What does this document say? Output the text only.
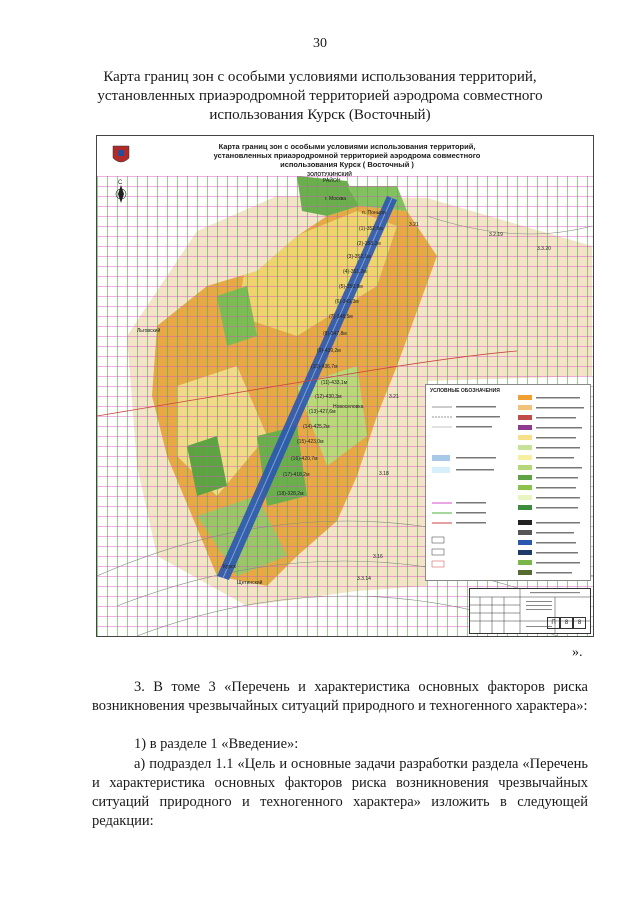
30
Карта границ зон с особыми условиями использования территорий, установленных приаэродромной территорией аэродрома совместного использования Курск (Восточный)
Карта границ зон с особыми условиями использования территорий,
установленных приаэродромной территорией аэродрома совместного
использования Курск ( Восточный )
С
ЗОЛОТУХИНСКИЙ
РАЙОН
г. Москва
п. Поныри
(1)-352,8м
(2)-353,2м
(3)-352,1м
(4)-351,2м
(5)-350,8м
(6)-349,3м
(7)-348,5м
(8)-347,8м
(9)-439,2м
(10)-436,7м
(11)-433,1м
(12)-430,3м
(13)-427,6м
(14)-425,2м
(15)-423,0м
(16)-420,7м
(17)-418,2м
(18)-328,2м
3.21
3.2.19
3.3.20
3.21
3.18
3.16
3.3.14
Льговский
Новоселовка
Курск
Щетинский
УСЛОВНЫЕ ОБОЗНАЧЕНИЯ
П	8	8
».
3. В томе 3 «Перечень и характеристика основных факторов риска возникновения чрезвычайных ситуаций природного и техногенного характера»:
1) в разделе 1 «Введение»:
а) подраздел 1.1 «Цель и основные задачи разработки раздела «Перечень и характеристика основных факторов риска возникновения чрезвычайных ситуаций природного и техногенного характера» изложить в следующей редакции:
